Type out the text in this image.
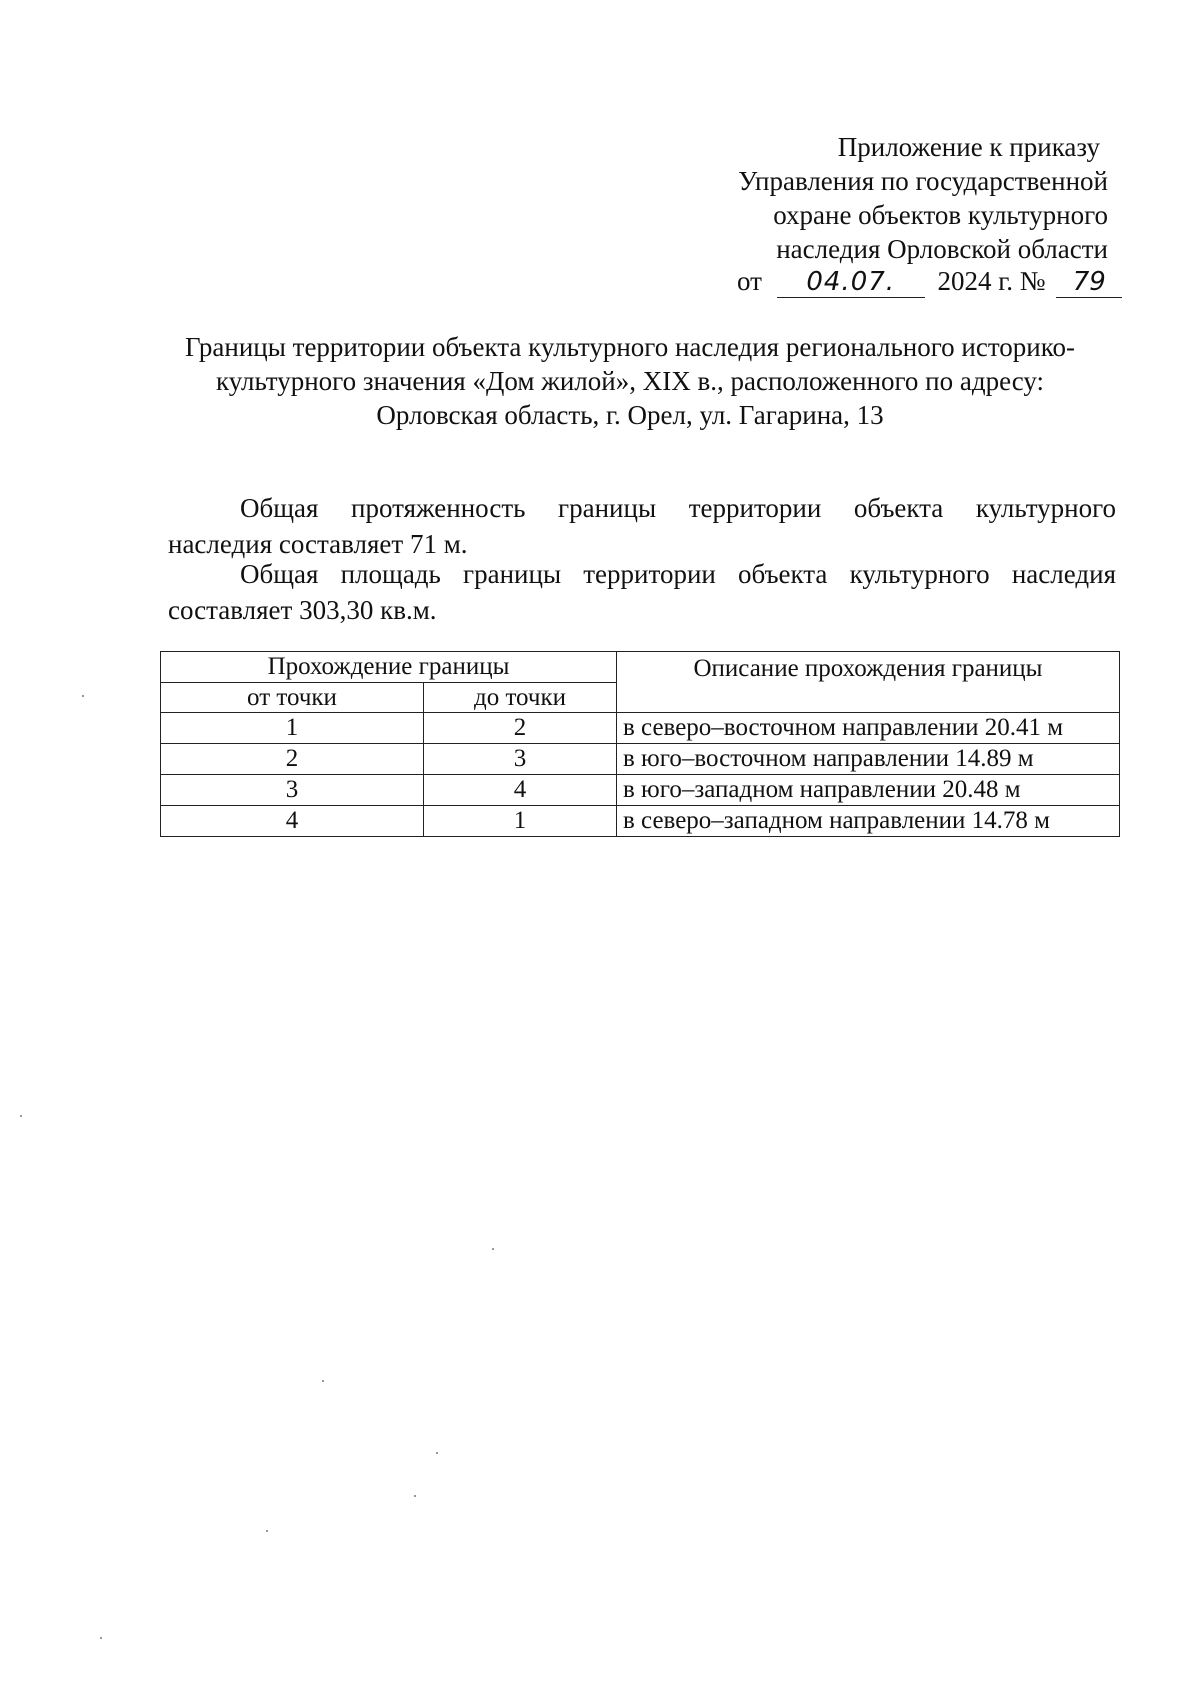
Приложение к приказу
Управления по государственной
охране объектов культурного
наследия Орловской области
от 04.07. 2024 г. № 79
Границы территории объекта культурного наследия регионального историко-
культурного значения «Дом жилой», XIX в., расположенного по адресу:
Орловская область, г. Орел, ул. Гагарина, 13
Общая протяженность границы территории объекта культурного
наследия составляет 71 м.
Общая площадь границы территории объекта культурного наследия
составляет 303,30 кв.м.
Прохождение границы		Описание прохождения границы
от точки	до точки	
1	2	в северо–восточном направлении 20.41 м
2	3	в юго–восточном направлении 14.89 м
3	4	в юго–западном направлении 20.48 м
4	1	в северо–западном направлении 14.78 м
